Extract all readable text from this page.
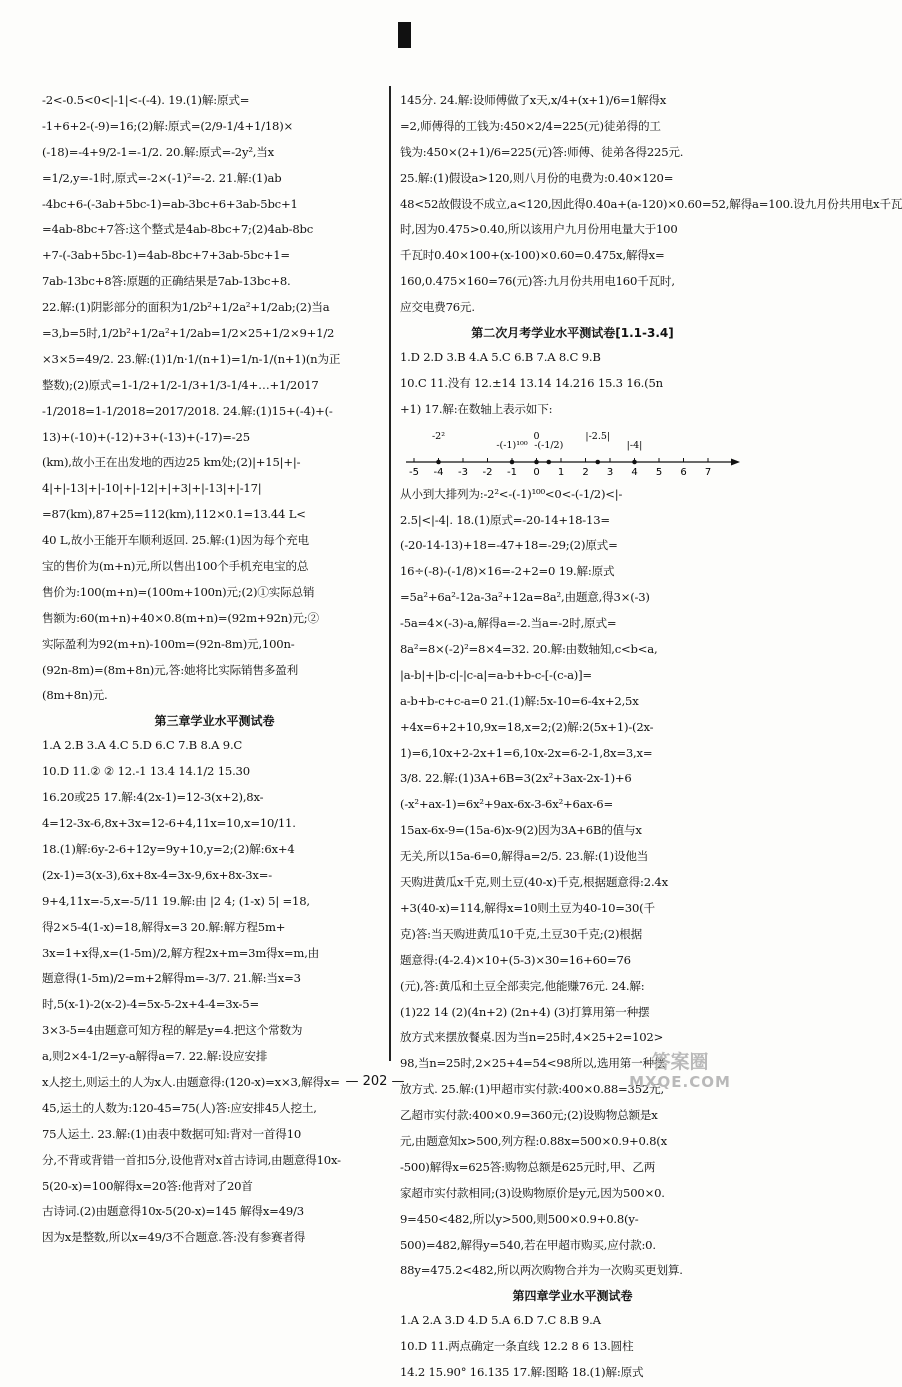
-2<-0.5<0<|-1|<-(-4). 19.(1)解:原式=
-1+6+2-(-9)=16;(2)解:原式=(2/9-1/4+1/18)×
(-18)=-4+9/2-1=-1/2. 20.解:原式=-2y²,当x
=1/2,y=-1时,原式=-2×(-1)²=-2. 21.解:(1)ab
-4bc+6-(-3ab+5bc-1)=ab-3bc+6+3ab-5bc+1
=4ab-8bc+7答:这个整式是4ab-8bc+7;(2)4ab-8bc
+7-(-3ab+5bc-1)=4ab-8bc+7+3ab-5bc+1=
7ab-13bc+8答:原题的正确结果是7ab-13bc+8.
22.解:(1)阴影部分的面积为1/2b²+1/2a²+1/2ab;(2)当a
=3,b=5时,1/2b²+1/2a²+1/2ab=1/2×25+1/2×9+1/2
×3×5=49/2. 23.解:(1)1/n·1/(n+1)=1/n-1/(n+1)(n为正
整数);(2)原式=1-1/2+1/2-1/3+1/3-1/4+…+1/2017
-1/2018=1-1/2018=2017/2018. 24.解:(1)15+(-4)+(-
13)+(-10)+(-12)+3+(-13)+(-17)=-25
(km),故小王在出发地的西边25 km处;(2)|+15|+|-
4|+|-13|+|-10|+|-12|+|+3|+|-13|+|-17|
=87(km),87+25=112(km),112×0.1=13.44 L<
40 L,故小王能开车顺利返回. 25.解:(1)因为每个充电
宝的售价为(m+n)元,所以售出100个手机充电宝的总
售价为:100(m+n)=(100m+100n)元;(2)①实际总销
售额为:60(m+n)+40×0.8(m+n)=(92m+92n)元;②
实际盈利为92(m+n)-100m=(92n-8m)元,100n-
(92n-8m)=(8m+8n)元,答:她将比实际销售多盈利
(8m+8n)元.
第三章学业水平测试卷
1.A 2.B 3.A 4.C 5.D 6.C 7.B 8.A 9.C
10.D 11.② ② 12.-1 13.4 14.1/2 15.30
16.20或25 17.解:4(2x-1)=12-3(x+2),8x-
4=12-3x-6,8x+3x=12-6+4,11x=10,x=10/11.
18.(1)解:6y-2-6+12y=9y+10,y=2;(2)解:6x+4
(2x-1)=3(x-3),6x+8x-4=3x-9,6x+8x-3x=-
9+4,11x=-5,x=-5/11 19.解:由 |2 4; (1-x) 5| =18,
得2×5-4(1-x)=18,解得x=3 20.解:解方程5m+
3x=1+x得,x=(1-5m)/2,解方程2x+m=3m得x=m,由
题意得(1-5m)/2=m+2解得m=-3/7. 21.解:当x=3
时,5(x-1)-2(x-2)-4=5x-5-2x+4-4=3x-5=
3×3-5=4由题意可知方程的解是y=4.把这个常数为
a,则2×4-1/2=y-a解得a=7. 22.解:设应安排
x人挖土,则运土的人为x人.由题意得:(120-x)=x×3,解得x=
45,运土的人数为:120-45=75(人)答:应安排45人挖土,
75人运土. 23.解:(1)由表中数据可知:背对一首得10
分,不背或背错一首扣5分,设他背对x首古诗词,由题意得10x-
5(20-x)=100解得x=20答:他背对了20首
古诗词.(2)由题意得10x-5(20-x)=145 解得x=49/3
因为x是整数,所以x=49/3不合题意.答:没有参赛者得
145分. 24.解:设师傅做了x天,x/4+(x+1)/6=1解得x
=2,师傅得的工钱为:450×2/4=225(元)徒弟得的工
钱为:450×(2+1)/6=225(元)答:师傅、徒弟各得225元.
25.解:(1)假设a>120,则八月份的电费为:0.40×120=
48<52故假设不成立,a<120,因此得0.40a+(a-120)×0.60=52,解得a=100.设九月份共用电x千瓦
时,因为0.475>0.40,所以该用户九月份用电量大于100
千瓦时0.40×100+(x-100)×0.60=0.475x,解得x=
160,0.475×160=76(元)答:九月份共用电160千瓦时,
应交电费76元.
第二次月考学业水平测试卷[1.1-3.4]
1.D 2.D 3.B 4.A 5.C 6.B 7.A 8.C 9.B
10.C 11.没有 12.±14 13.14 14.216 15.3 16.(5n
+1) 17.解:在数轴上表示如下:
-5 -4 -3 -2 -1 0 1 2 3 4 5 6 7
-2²
-(-1)¹⁰⁰
0
-(-1/2)
|-2.5|
|-4|
从小到大排列为:-2²<-(-1)¹⁰⁰<0<-(-1/2)<|-
2.5|<|-4|. 18.(1)原式=-20-14+18-13=
(-20-14-13)+18=-47+18=-29;(2)原式=
16÷(-8)-(-1/8)×16=-2+2=0 19.解:原式
=5a²+6a²-12a-3a²+12a=8a²,由题意,得3×(-3)
-5a=4×(-3)-a,解得a=-2.当a=-2时,原式=
8a²=8×(-2)²=8×4=32. 20.解:由数轴知,c<b<a,
|a-b|+|b-c|-|c-a|=a-b+b-c-[-(c-a)]=
a-b+b-c+c-a=0 21.(1)解:5x-10=6-4x+2,5x
+4x=6+2+10,9x=18,x=2;(2)解:2(5x+1)-(2x-
1)=6,10x+2-2x+1=6,10x-2x=6-2-1,8x=3,x=
3/8. 22.解:(1)3A+6B=3(2x²+3ax-2x-1)+6
(-x²+ax-1)=6x²+9ax-6x-3-6x²+6ax-6=
15ax-6x-9=(15a-6)x-9(2)因为3A+6B的值与x
无关,所以15a-6=0,解得a=2/5. 23.解:(1)设他当
天购进黄瓜x千克,则土豆(40-x)千克,根据题意得:2.4x
+3(40-x)=114,解得x=10则土豆为40-10=30(千
克)答:当天购进黄瓜10千克,土豆30千克;(2)根据
题意得:(4-2.4)×10+(5-3)×30=16+60=76
(元),答:黄瓜和土豆全部卖完,他能赚76元. 24.解:
(1)22 14 (2)(4n+2) (2n+4) (3)打算用第一种摆
放方式来摆放餐桌.因为当n=25时,4×25+2=102>
98,当n=25时,2×25+4=54<98所以,选用第一种摆
放方式. 25.解:(1)甲超市实付款:400×0.88=352元,
乙超市实付款:400×0.9=360元;(2)设购物总额是x
元,由题意知x>500,列方程:0.88x=500×0.9+0.8(x
-500)解得x=625答:购物总额是625元时,甲、乙两
家超市实付款相同;(3)设购物原价是y元,因为500×0.
9=450<482,所以y>500,则500×0.9+0.8(y-
500)=482,解得y=540,若在甲超市购买,应付款:0.
88y=475.2<482,所以两次购物合并为一次购买更划算.
第四章学业水平测试卷
1.A 2.A 3.D 4.D 5.A 6.D 7.C 8.B 9.A
10.D 11.两点确定一条直线 12.2 8 6 13.圆柱
14.2 15.90° 16.135 17.解:图略 18.(1)解:原式
— 202 —
答案圈
MXQE.COM
